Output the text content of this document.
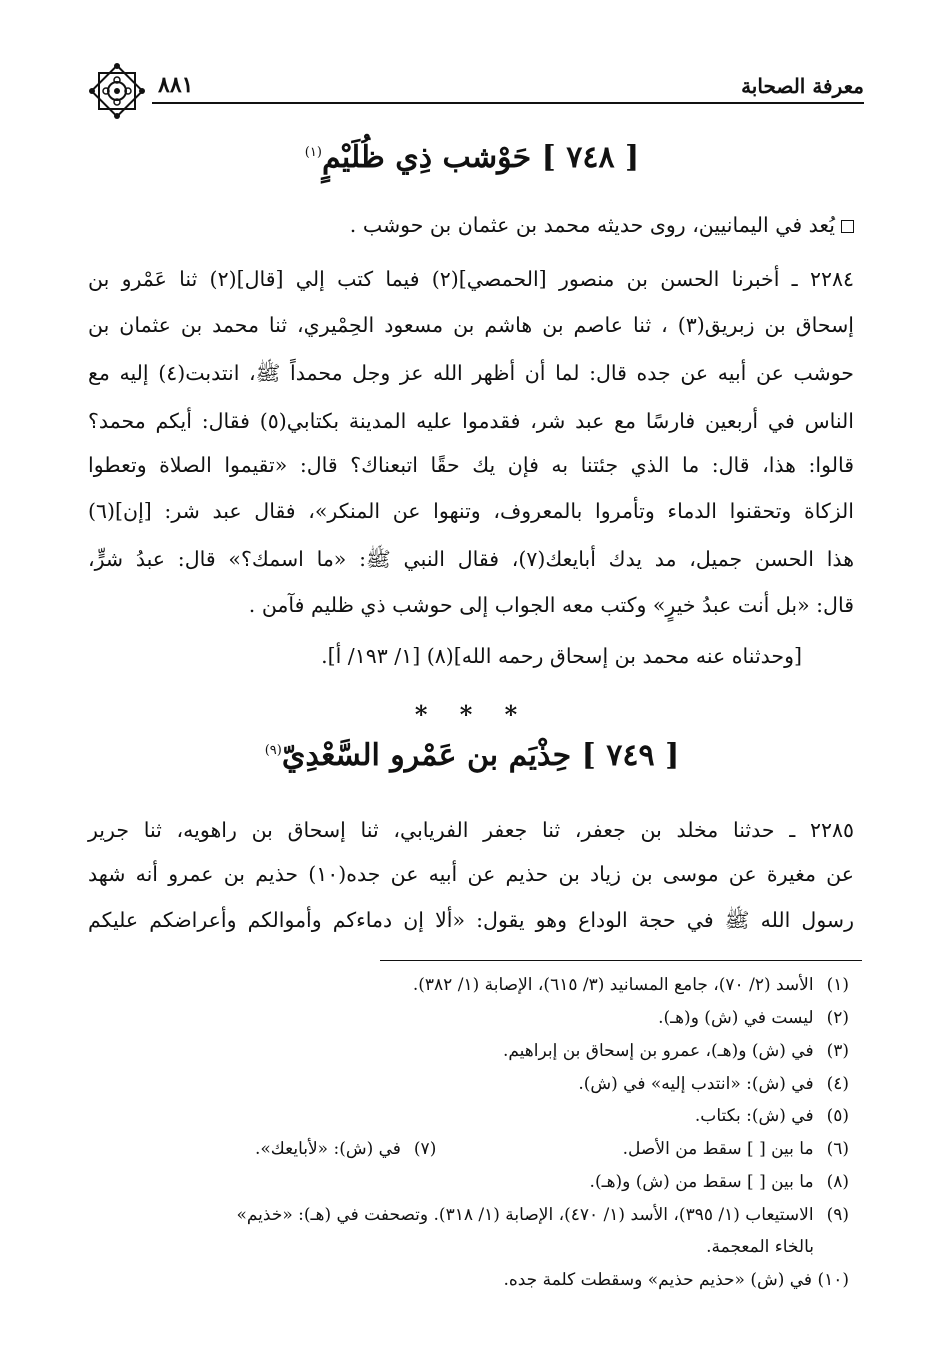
معرفة الصحابة
٨٨١
[ ٧٤٨ ] حَوْشب ذِي ظُلَيْمٍ$^{(١)}$
يُعد في اليمانيين، روى حديثه محمد بن عثمان بن حوشب .
٢٢٨٤ ـ أخبرنا الحسن بن منصور [الحمصي](٢) فيما كتب إلي [قال](٢) ثنا عَمْرو بن
إسحاق بن زبريق(٣) ، ثنا عاصم بن هاشم بن مسعود الحِمْيري، ثنا محمد بن عثمان بن
حوشب عن أبيه عن جده قال: لما أن أظهر الله عز وجل محمداً ﷺ، انتدبت(٤) إليه مع
الناس في أربعين فارسًا مع عبد شر، فقدموا عليه المدينة بكتابي(٥) فقال: أيكم محمد؟
قالوا: هذا، قال: ما الذي جئتنا به فإن يك حقًا اتبعناك؟ قال: «تقيموا الصلاة وتعطوا
الزكاة وتحقنوا الدماء وتأمروا بالمعروف، وتنهوا عن المنكر»، فقال عبد شر: [إن](٦)
هذا الحسن جميل، مد يدك أبايعك(٧)، فقال النبي ﷺ: «ما اسمك؟» قال: عبدُ شرٍّ،
قال: «بل أنت عبدُ خيرٍ» وكتب معه الجواب إلى حوشب ذي ظليم فآمن .
[وحدثناه عنه محمد بن إسحاق رحمه الله](٨) [١/ ١٩٣/ أ].
* * *
[ ٧٤٩ ] حِذْيَم بن عَمْرو السَّعْدِيّ$^{(٩)}$
٢٢٨٥ ـ حدثنا مخلد بن جعفر، ثنا جعفر الفريابي، ثنا إسحاق بن راهويه، ثنا جرير
عن مغيرة عن موسى بن زياد بن حذيم عن أبيه عن جده(١٠) حذيم بن عمرو أنه شهد
رسول الله ﷺ في حجة الوداع وهو يقول: «ألا إن دماءكم وأموالكم وأعراضكم عليكم
(١) الأسد (٢/ ٧٠)، جامع المسانيد (٣/ ٦١٥)، الإصابة (١/ ٣٨٢).
(٢) ليست في (ش) و(هـ).
(٣) في (ش) و(هـ)، عمرو بن إسحاق بن إبراهيم.
(٤) في (ش): «انتدب إليه» في (ش).
(٥) في (ش): بكتاب.
(٦) ما بين [ ] سقط من الأصل.
(٧) في (ش): «لأبايعك».
(٨) ما بين [ ] سقط من (ش) و(هـ).
(٩) الاستيعاب (١/ ٣٩٥)، الأسد (١/ ٤٧٠)، الإصابة (١/ ٣١٨). وتصحفت في (هـ): «خذيم»
بالخاء المعجمة.
(١٠) في (ش) «حذيم حذيم» وسقطت كلمة جده.
